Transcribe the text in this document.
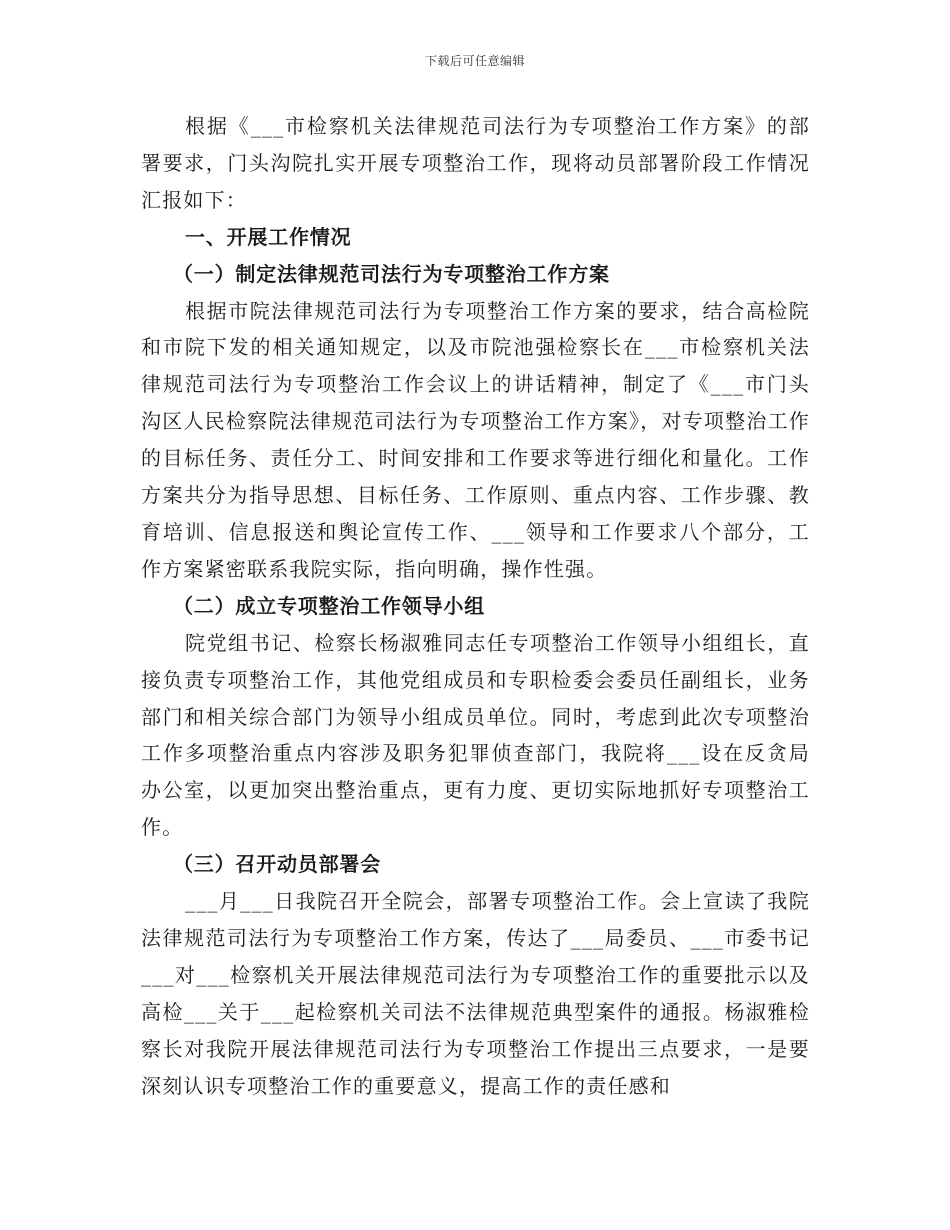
下载后可任意编辑

根据《___市检察机关法律规范司法行为专项整治工作方案》的部署要求，门头沟院扎实开展专项整治工作，现将动员部署阶段工作情况汇报如下：

一、开展工作情况

（一）制定法律规范司法行为专项整治工作方案

根据市院法律规范司法行为专项整治工作方案的要求，结合高检院和市院下发的相关通知规定，以及市院池强检察长在___市检察机关法律规范司法行为专项整治工作会议上的讲话精神，制定了《___市门头沟区人民检察院法律规范司法行为专项整治工作方案》，对专项整治工作的目标任务、责任分工、时间安排和工作要求等进行细化和量化。工作方案共分为指导思想、目标任务、工作原则、重点内容、工作步骤、教育培训、信息报送和舆论宣传工作、___领导和工作要求八个部分，工作方案紧密联系我院实际，指向明确，操作性强。

（二）成立专项整治工作领导小组

院党组书记、检察长杨淑雅同志任专项整治工作领导小组组长，直接负责专项整治工作，其他党组成员和专职检委会委员任副组长，业务部门和相关综合部门为领导小组成员单位。同时，考虑到此次专项整治工作多项整治重点内容涉及职务犯罪侦查部门，我院将___设在反贪局办公室，以更加突出整治重点，更有力度、更切实际地抓好专项整治工作。

（三）召开动员部署会

___月___日我院召开全院会，部署专项整治工作。会上宣读了我院法律规范司法行为专项整治工作方案，传达了___局委员、___市委书记___对___检察机关开展法律规范司法行为专项整治工作的重要批示以及高检___关于___起检察机关司法不法律规范典型案件的通报。杨淑雅检察长对我院开展法律规范司法行为专项整治工作提出三点要求，一是要深刻认识专项整治工作的重要意义，提高工作的责任感和
